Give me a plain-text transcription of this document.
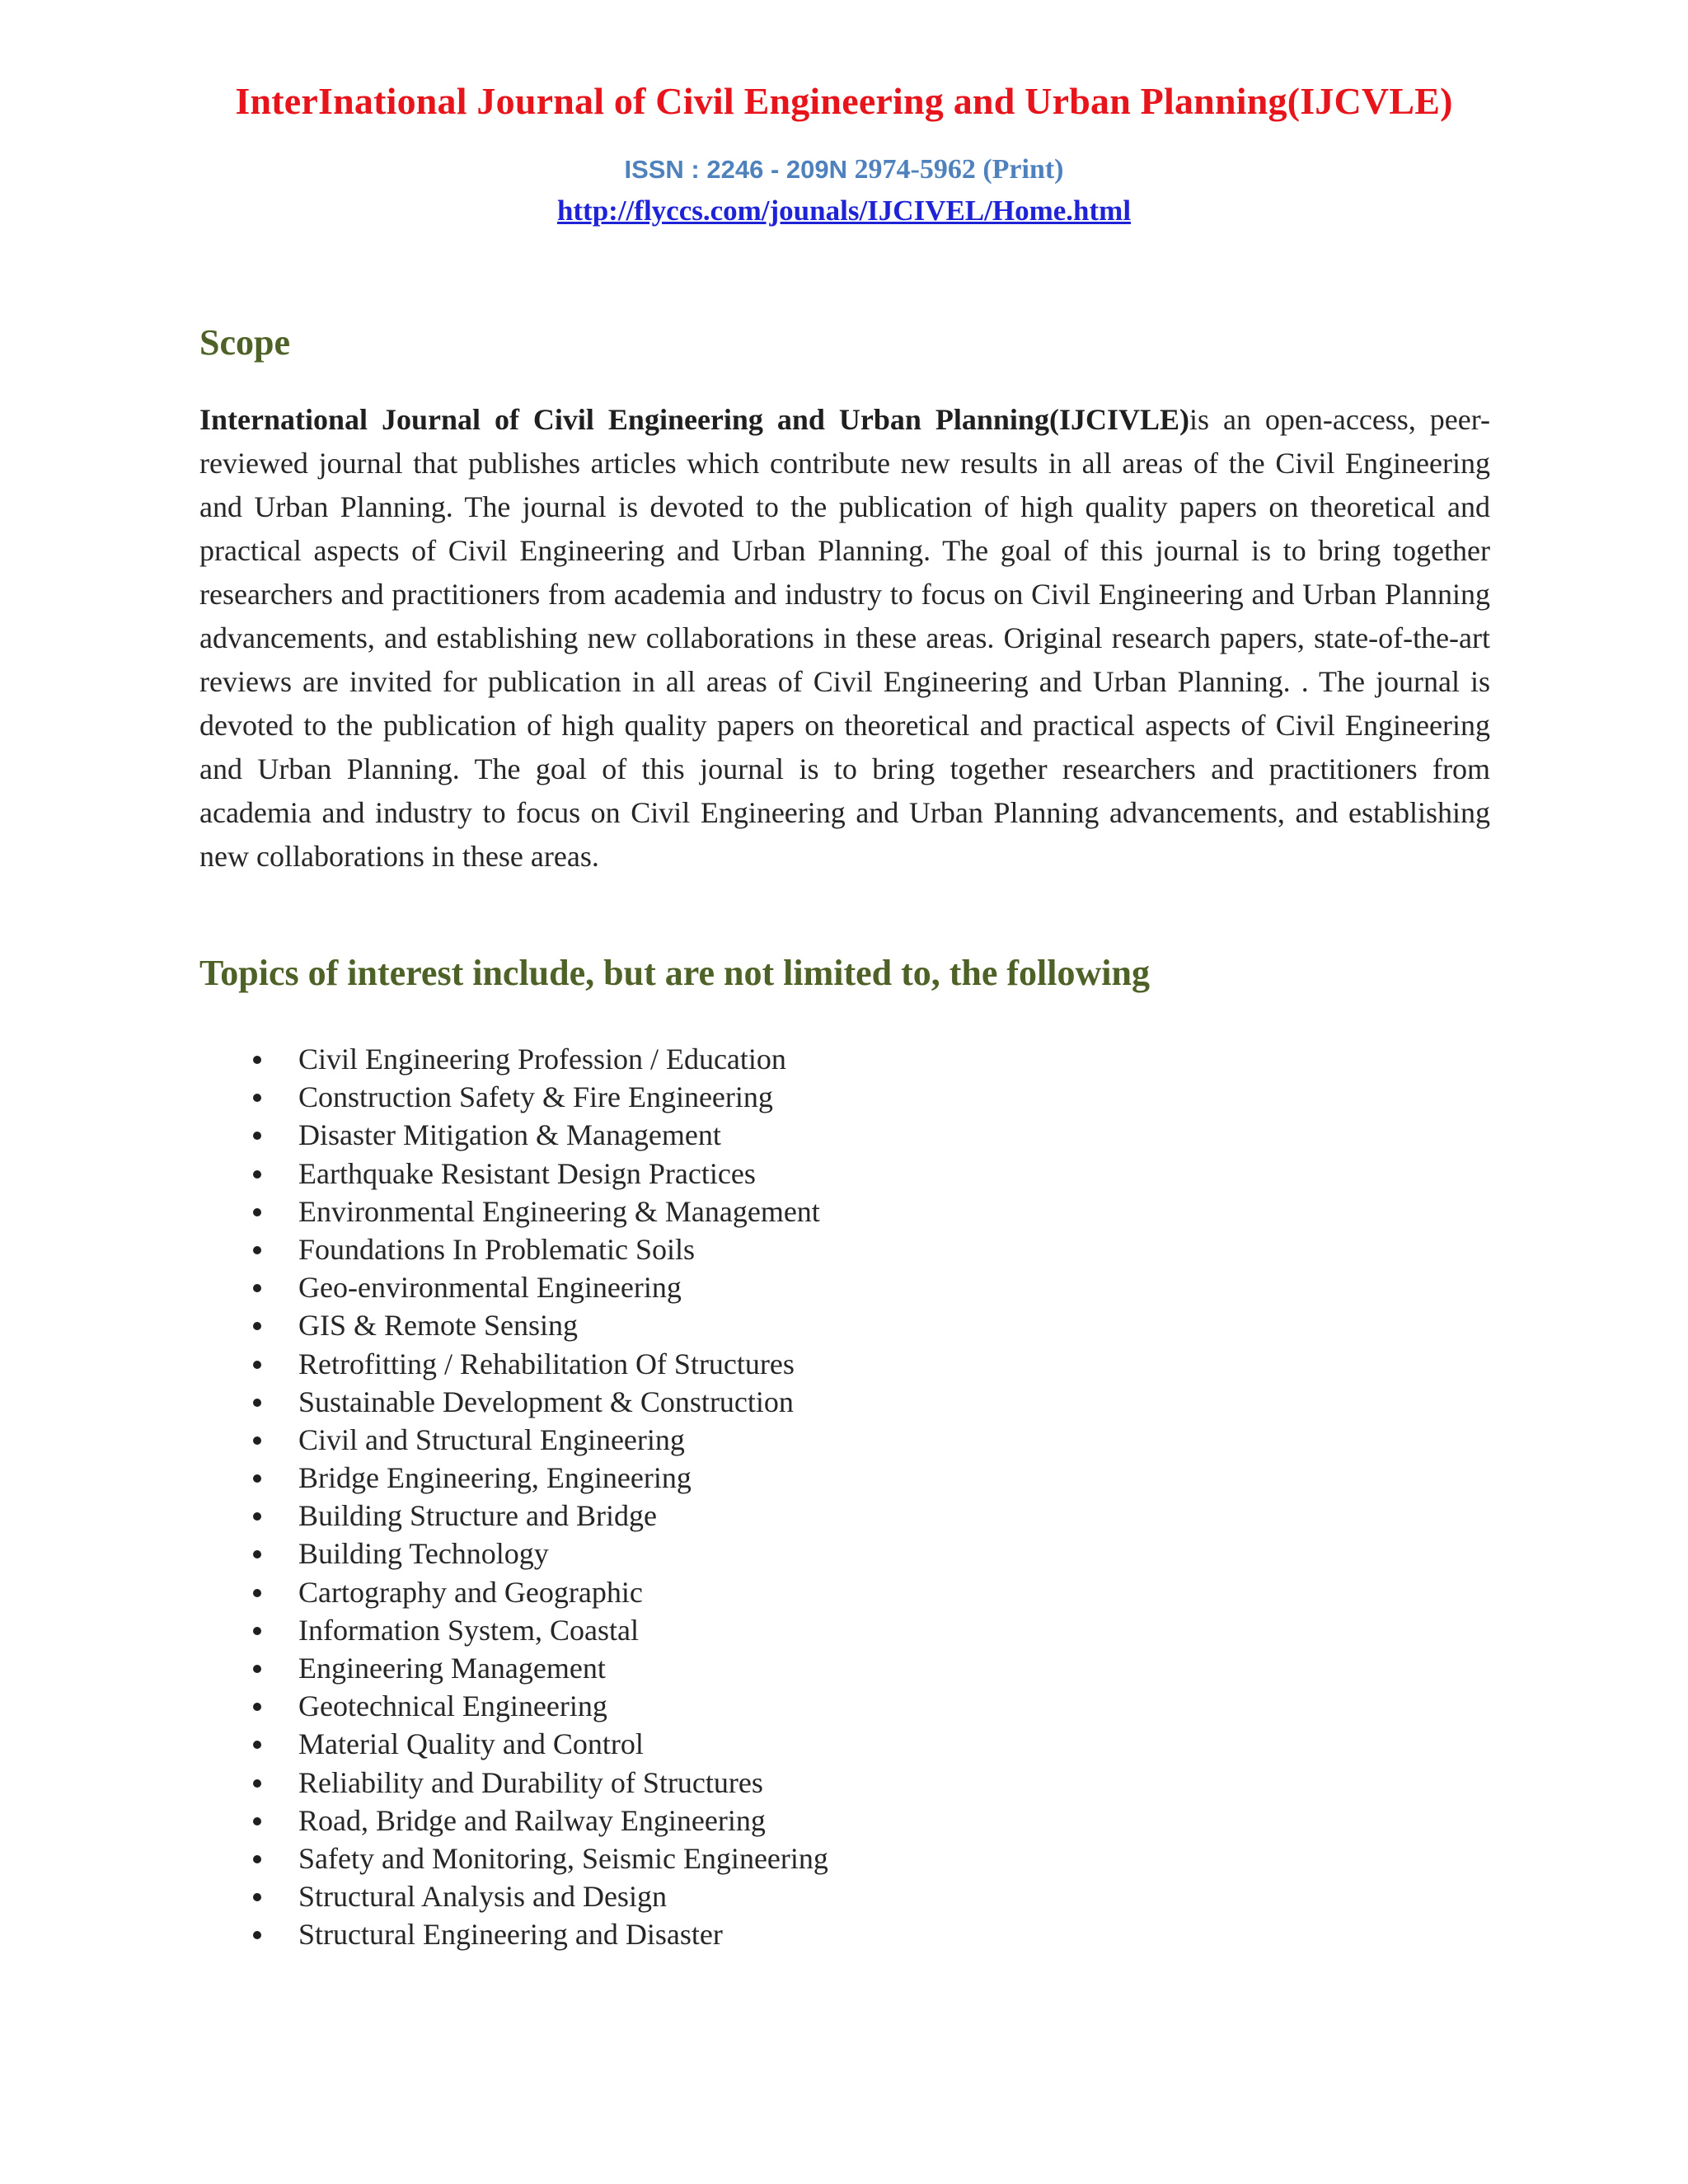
InterInational Journal of Civil Engineering and Urban Planning(IJCVLE)
ISSN : 2246 - 209N 2974-5962 (Print)
http://flyccs.com/jounals/IJCIVEL/Home.html
Scope
International Journal of Civil Engineering and Urban Planning(IJCIVLE)is an open-access, peer-reviewed journal that publishes articles which contribute new results in all areas of the Civil Engineering and Urban Planning. The journal is devoted to the publication of high quality papers on theoretical and practical aspects of Civil Engineering and Urban Planning. The goal of this journal is to bring together researchers and practitioners from academia and industry to focus on Civil Engineering and Urban Planning advancements, and establishing new collaborations in these areas. Original research papers, state-of-the-art reviews are invited for publication in all areas of Civil Engineering and Urban Planning. . The journal is devoted to the publication of high quality papers on theoretical and practical aspects of Civil Engineering and Urban Planning. The goal of this journal is to bring together researchers and practitioners from academia and industry to focus on Civil Engineering and Urban Planning advancements, and establishing new collaborations in these areas.
Topics of interest include, but are not limited to, the following
Civil Engineering Profession / Education
Construction Safety & Fire Engineering
Disaster Mitigation & Management
Earthquake Resistant Design Practices
Environmental Engineering & Management
Foundations In Problematic Soils
Geo-environmental Engineering
GIS & Remote Sensing
Retrofitting / Rehabilitation Of Structures
Sustainable Development & Construction
Civil and Structural Engineering
Bridge Engineering, Engineering
Building Structure and Bridge
Building Technology
Cartography and Geographic
Information System, Coastal
Engineering Management
Geotechnical Engineering
Material Quality and Control
Reliability and Durability of Structures
Road, Bridge and Railway Engineering
Safety and Monitoring, Seismic Engineering
Structural Analysis and Design
Structural Engineering and Disaster
